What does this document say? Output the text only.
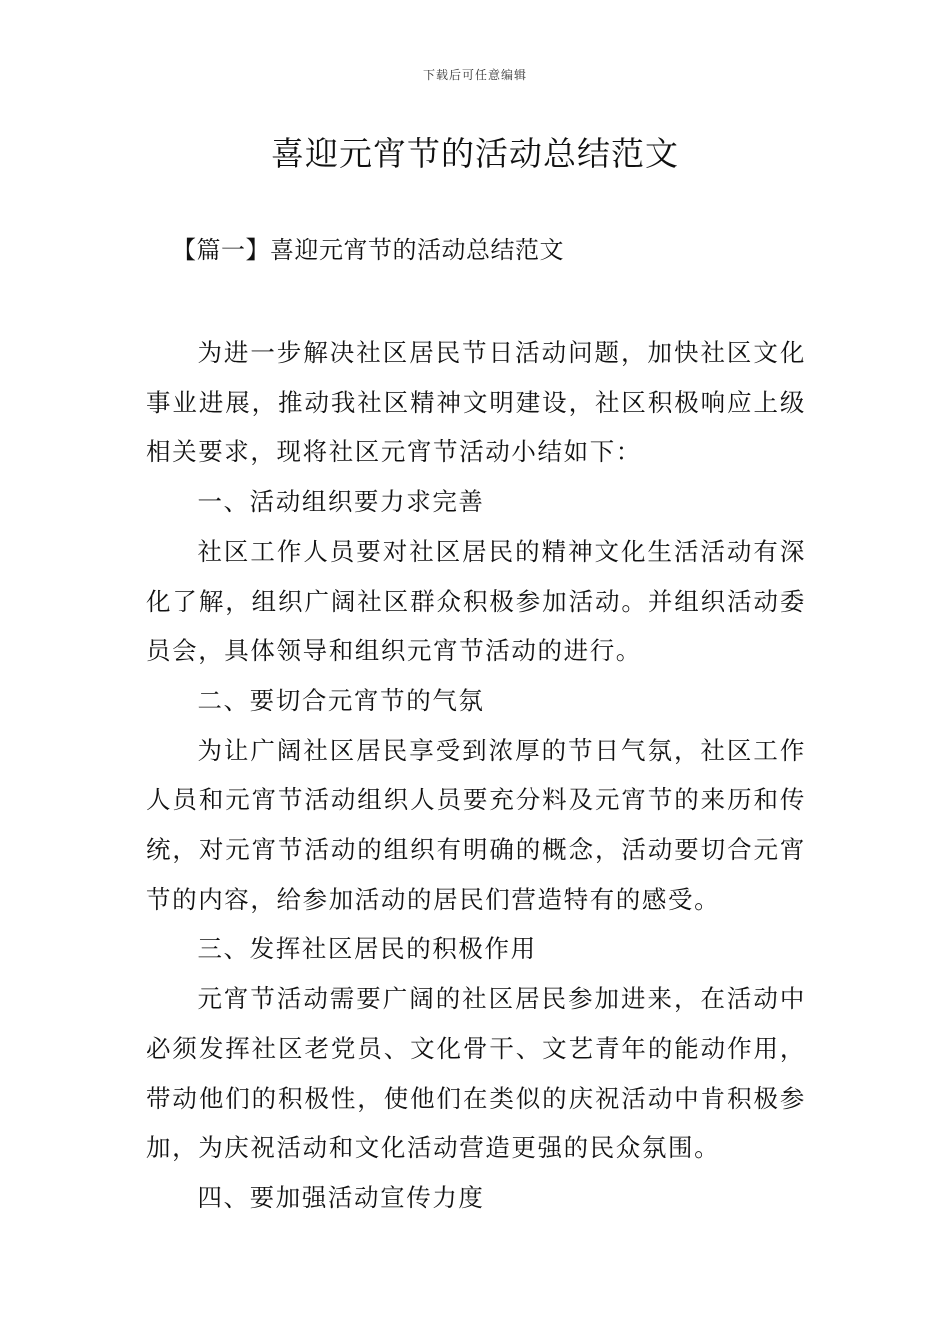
下载后可任意编辑
喜迎元宵节的活动总结范文
【篇一】喜迎元宵节的活动总结范文

为进一步解决社区居民节日活动问题，加快社区文化事业进展，推动我社区精神文明建设，社区积极响应上级相关要求，现将社区元宵节活动小结如下：

一、活动组织要力求完善

社区工作人员要对社区居民的精神文化生活活动有深化了解，组织广阔社区群众积极参加活动。并组织活动委员会，具体领导和组织元宵节活动的进行。

二、要切合元宵节的气氛

为让广阔社区居民享受到浓厚的节日气氛，社区工作人员和元宵节活动组织人员要充分料及元宵节的来历和传统，对元宵节活动的组织有明确的概念，活动要切合元宵节的内容，给参加活动的居民们营造特有的感受。

三、发挥社区居民的积极作用

元宵节活动需要广阔的社区居民参加进来，在活动中必须发挥社区老党员、文化骨干、文艺青年的能动作用，带动他们的积极性，使他们在类似的庆祝活动中肯积极参加，为庆祝活动和文化活动营造更强的民众氛围。

四、要加强活动宣传力度
